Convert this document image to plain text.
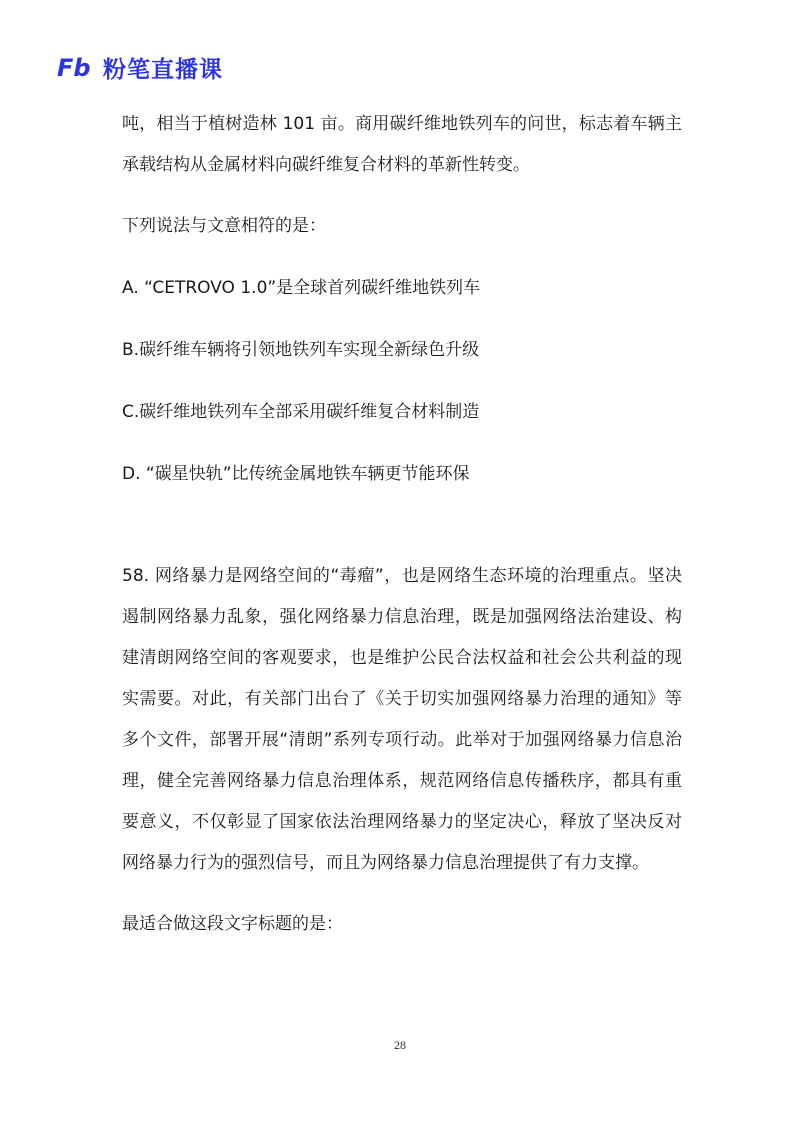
Fb 粉笔直播课

吨，相当于植树造林 101 亩。商用碳纤维地铁列车的问世，标志着车辆主承载结构从金属材料向碳纤维复合材料的革新性转变。

下列说法与文意相符的是：

A. “CETROVO 1.0”是全球首列碳纤维地铁列车

B.碳纤维车辆将引领地铁列车实现全新绿色升级

C.碳纤维地铁列车全部采用碳纤维复合材料制造

D. “碳星快轨”比传统金属地铁车辆更节能环保

58. 网络暴力是网络空间的“毒瘤”，也是网络生态环境的治理重点。坚决遏制网络暴力乱象，强化网络暴力信息治理，既是加强网络法治建设、构建清朗网络空间的客观要求，也是维护公民合法权益和社会公共利益的现实需要。对此，有关部门出台了《关于切实加强网络暴力治理的通知》等多个文件，部署开展“清朗”系列专项行动。此举对于加强网络暴力信息治理，健全完善网络暴力信息治理体系，规范网络信息传播秩序，都具有重要意义，不仅彰显了国家依法治理网络暴力的坚定决心，释放了坚决反对网络暴力行为的强烈信号，而且为网络暴力信息治理提供了有力支撑。

最适合做这段文字标题的是：

28
